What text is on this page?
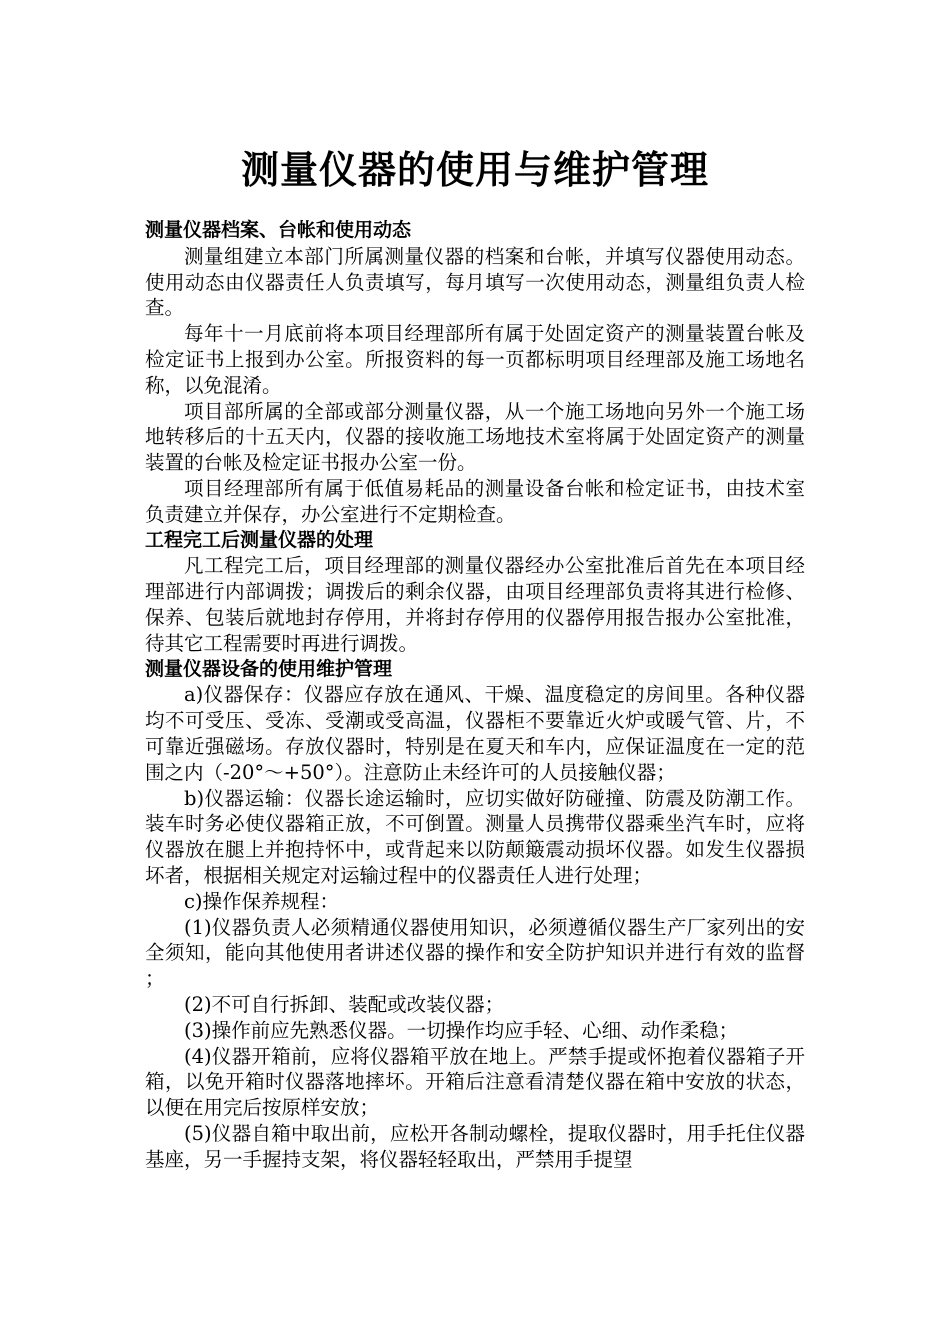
测量仪器的使用与维护管理

测量仪器档案、台帐和使用动态

测量组建立本部门所属测量仪器的档案和台帐，并填写仪器使用动态。使用动态由仪器责任人负责填写，每月填写一次使用动态，测量组负责人检查。

每年十一月底前将本项目经理部所有属于处固定资产的测量装置台帐及检定证书上报到办公室。所报资料的每一页都标明项目经理部及施工场地名称，以免混淆。

项目部所属的全部或部分测量仪器，从一个施工场地向另外一个施工场地转移后的十五天内，仪器的接收施工场地技术室将属于处固定资产的测量装置的台帐及检定证书报办公室一份。

项目经理部所有属于低值易耗品的测量设备台帐和检定证书，由技术室负责建立并保存，办公室进行不定期检查。

工程完工后测量仪器的处理

凡工程完工后，项目经理部的测量仪器经办公室批准后首先在本项目经理部进行内部调拨；调拨后的剩余仪器，由项目经理部负责将其进行检修、保养、包装后就地封存停用，并将封存停用的仪器停用报告报办公室批准，待其它工程需要时再进行调拨。

测量仪器设备的使用维护管理

a)仪器保存：仪器应存放在通风、干燥、温度稳定的房间里。各种仪器均不可受压、受冻、受潮或受高温，仪器柜不要靠近火炉或暖气管、片，不可靠近强磁场。存放仪器时，特别是在夏天和车内，应保证温度在一定的范围之内（-20°～+50°）。注意防止未经许可的人员接触仪器；

b)仪器运输：仪器长途运输时，应切实做好防碰撞、防震及防潮工作。装车时务必使仪器箱正放，不可倒置。测量人员携带仪器乘坐汽车时，应将仪器放在腿上并抱持怀中，或背起来以防颠簸震动损坏仪器。如发生仪器损坏者，根据相关规定对运输过程中的仪器责任人进行处理；

c)操作保养规程：

(1)仪器负责人必须精通仪器使用知识，必须遵循仪器生产厂家列出的安全须知，能向其他使用者讲述仪器的操作和安全防护知识并进行有效的监督；

(2)不可自行拆卸、装配或改装仪器；

(3)操作前应先熟悉仪器。一切操作均应手轻、心细、动作柔稳；

(4)仪器开箱前，应将仪器箱平放在地上。严禁手提或怀抱着仪器箱子开箱，以免开箱时仪器落地摔坏。开箱后注意看清楚仪器在箱中安放的状态，以便在用完后按原样安放；

(5)仪器自箱中取出前，应松开各制动螺栓，提取仪器时，用手托住仪器基座，另一手握持支架，将仪器轻轻取出，严禁用手提望
